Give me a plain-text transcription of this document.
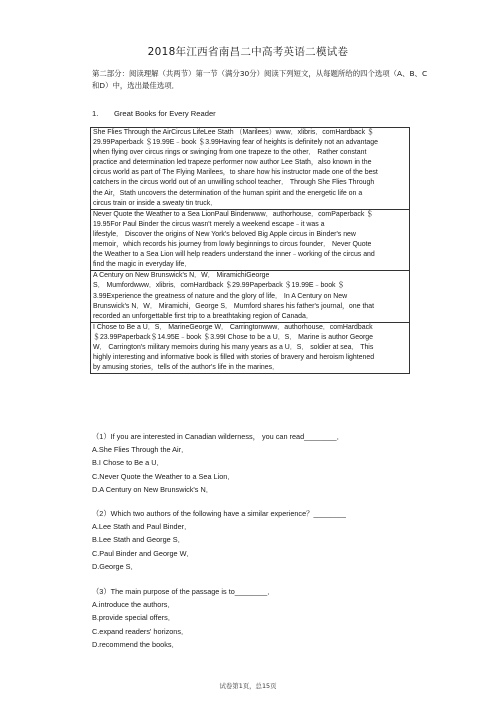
2018年江西省南昌二中高考英语二模试卷
第二部分：阅读理解（共两节）第一节（满分30分）阅读下列短文，从每题所给的四个选项（A、B、C和D）中，选出最佳选项．
1. Great Books for Every Reader
She Flies Through the AirCircus LifeLee Stath （Marilees）www．xlibris．comHardback ＄
29.99Paperback ＄19.99E﹣book ＄3.99Having fear of heights is definitely not an advantage
when flying over circus rings or swinging from one trapeze to the other． Rather constant
practice and determination led trapeze performer now author Lee Stath，also known in the
circus world as part of The Flying Marilees，to share how his instructor made one of the best
catchers in the circus world out of an unwilling school teacher． Through She Flies Through
the Air，Stath uncovers the determination of the human spirit and the energetic life on a
circus train or inside a sweaty tin truck．

Never Quote the Weather to a Sea LionPaul Binderwww．authorhouse．comPaperback ＄
19.95For Paul Binder the circus wasn't merely a weekend escape﹣it was a
lifestyle． Discover the origins of New York's beloved Big Apple circus in Binder's new
memoir，which records his journey from lowly beginnings to circus founder． Never Quote
the Weather to a Sea Lion will help readers understand the inner﹣working of the circus and
find the magic in everyday life．

A Century on New Brunswick's N．W． MiramichiGeorge
S． Mumfordwww．xlibris．comHardback ＄29.99Paperback ＄19.99E﹣book ＄
3.99Experience the greatness of nature and the glory of life． In A Century on New
Brunswick's N．W． Miramichi，George S． Mumford shares his father's journal，one that
recorded an unforgettable first trip to a breathtaking region of Canada．

I Chose to Be a U．S． MarineGeorge W． Carringtonwww．authorhouse．comHardback
＄23.99Paperback＄14.95E﹣book ＄3.99I Chose to be a U．S． Marine is author George
W． Carrington's military memoirs during his many years as a U．S． soldier at sea． This
highly interesting and informative book is filled with stories of bravery and heroism lightened
by amusing stories，tells of the author's life in the marines．
（1）If you are interested in Canadian wilderness， you can read________．
A.She Flies Through the Air．
B.I Chose to Be a U．
C.Never Quote the Weather to a Sea Lion．
D.A Century on New Brunswick's N．
（2）Which two authors of the following have a similar experience？________
A.Lee Stath and Paul Binder．
B.Lee Stath and George S．
C.Paul Binder and George W．
D.George S．
（3）The main purpose of the passage is to________．
A.introduce the authors．
B.provide special offers．
C.expand readers' horizons．
D.recommend the books．
试卷第1页，总15页
